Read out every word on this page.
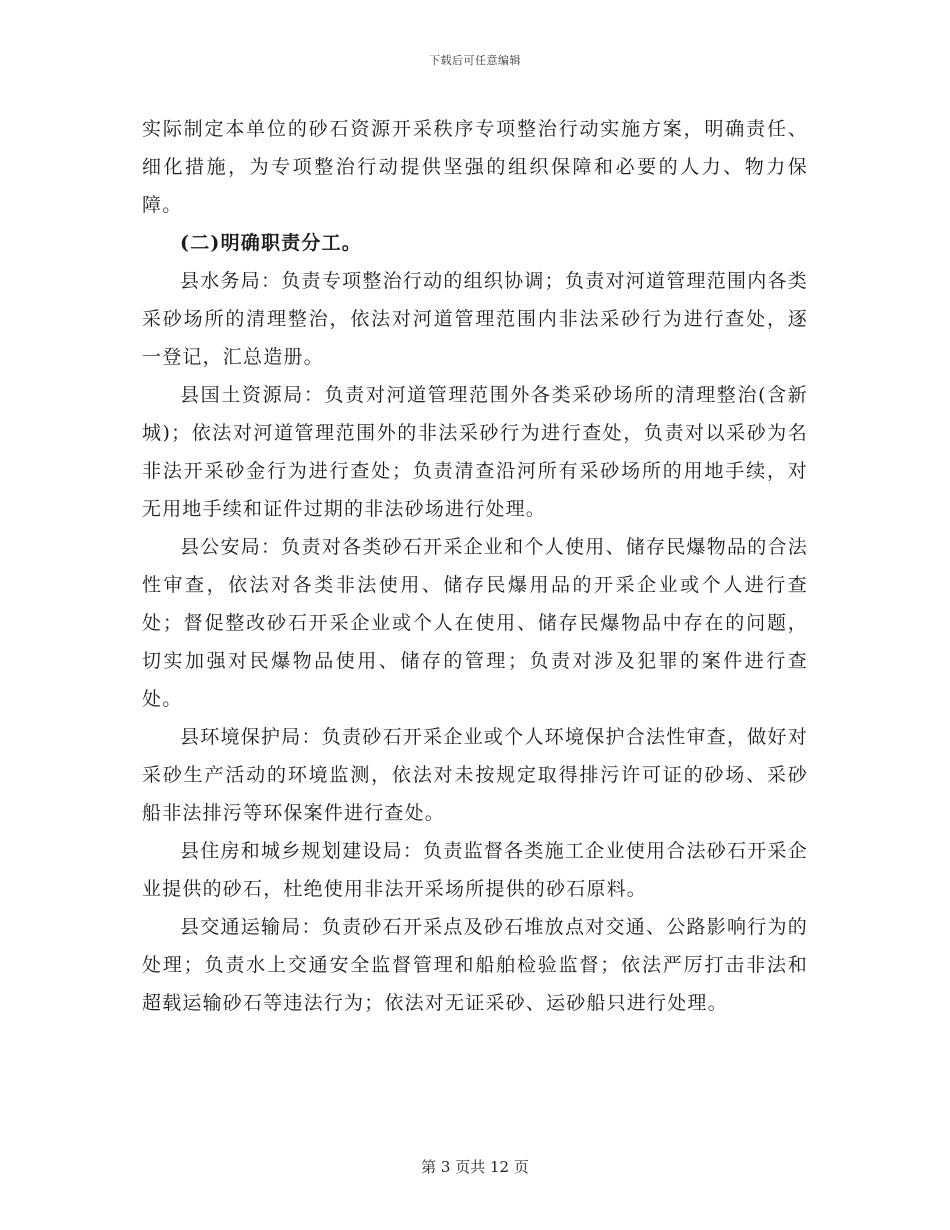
下载后可任意编辑

实际制定本单位的砂石资源开采秩序专项整治行动实施方案，明确责任、细化措施，为专项整治行动提供坚强的组织保障和必要的人力、物力保障。

(二)明确职责分工。

县水务局：负责专项整治行动的组织协调；负责对河道管理范围内各类采砂场所的清理整治，依法对河道管理范围内非法采砂行为进行查处，逐一登记，汇总造册。

县国土资源局：负责对河道管理范围外各类采砂场所的清理整治(含新城)；依法对河道管理范围外的非法采砂行为进行查处，负责对以采砂为名非法开采砂金行为进行查处；负责清查沿河所有采砂场所的用地手续，对无用地手续和证件过期的非法砂场进行处理。

县公安局：负责对各类砂石开采企业和个人使用、储存民爆物品的合法性审查，依法对各类非法使用、储存民爆用品的开采企业或个人进行查处；督促整改砂石开采企业或个人在使用、储存民爆物品中存在的问题，切实加强对民爆物品使用、储存的管理；负责对涉及犯罪的案件进行查处。

县环境保护局：负责砂石开采企业或个人环境保护合法性审查，做好对采砂生产活动的环境监测，依法对未按规定取得排污许可证的砂场、采砂船非法排污等环保案件进行查处。

县住房和城乡规划建设局：负责监督各类施工企业使用合法砂石开采企业提供的砂石，杜绝使用非法开采场所提供的砂石原料。

县交通运输局：负责砂石开采点及砂石堆放点对交通、公路影响行为的处理；负责水上交通安全监督管理和船舶检验监督；依法严厉打击非法和超载运输砂石等违法行为；依法对无证采砂、运砂船只进行处理。

第 3 页共 12 页
